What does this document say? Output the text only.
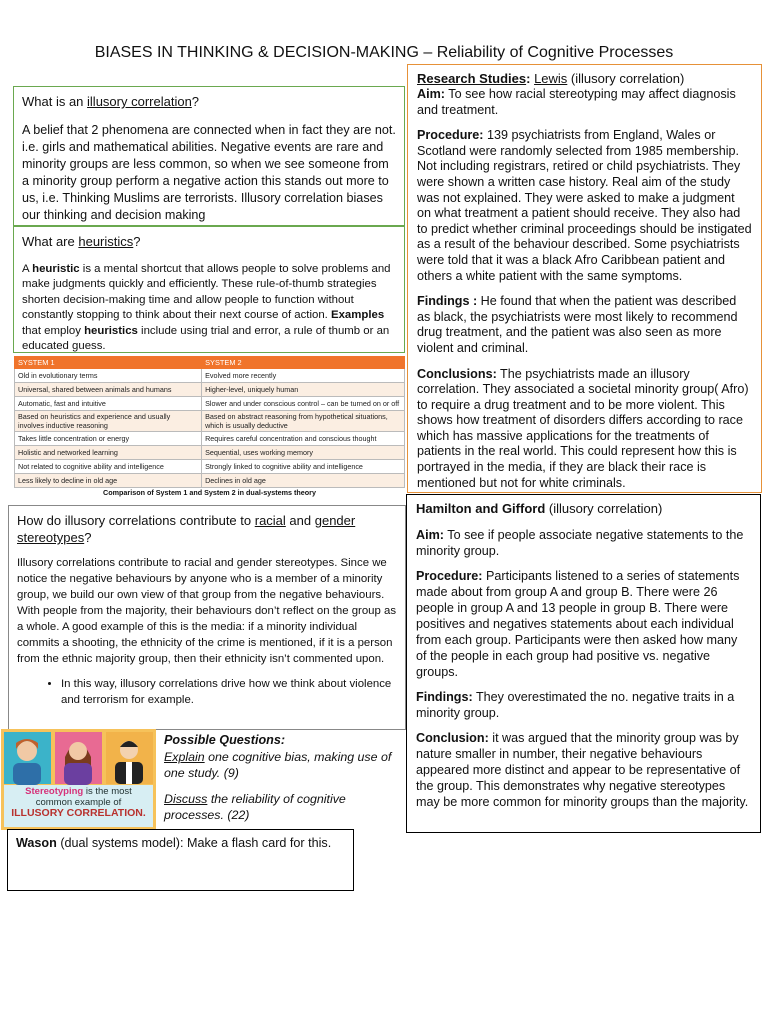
BIASES IN THINKING & DECISION-MAKING – Reliability of Cognitive Processes

What is an illusory correlation?

A belief that 2 phenomena are connected when in fact they are not. i.e. girls and mathematical abilities. Negative events are rare and minority groups are less common, so when we see someone from a minority group perform a negative action this stands out more to us, i.e. Thinking Muslims are terrorists. Illusory correlation biases our thinking and decision making

What are heuristics?

A heuristic is a mental shortcut that allows people to solve problems and make judgments quickly and efficiently. These rule-of-thumb strategies shorten decision-making time and allow people to function without constantly stopping to think about their next course of action. Examples that employ heuristics include using trial and error, a rule of thumb or an educated guess.

SYSTEM 1	SYSTEM 2
Old in evolutionary terms	Evolved more recently
Universal, shared between animals and humans	Higher-level, uniquely human
Automatic, fast and intuitive	Slower and under conscious control – can be turned on or off
Based on heuristics and experience and usually involves inductive reasoning	Based on abstract reasoning from hypothetical situations, which is usually deductive
Takes little concentration or energy	Requires careful concentration and conscious thought
Holistic and networked learning	Sequential, uses working memory
Not related to cognitive ability and intelligence	Strongly linked to cognitive ability and intelligence
Less likely to decline in old age	Declines in old age
Comparison of System 1 and System 2 in dual-systems theory

How do illusory correlations contribute to racial and gender stereotypes?

Illusory correlations contribute to racial and gender stereotypes. Since we notice the negative behaviours by anyone who is a member of a minority group, we build our own view of that group from the negative behaviours. With people from the majority, their behaviours don’t reflect on the group as a whole. A good example of this is the media: if a minority individual commits a shooting, the ethnicity of the crime is mentioned, if it is a person from the ethnic majority group, then their ethnicity isn’t commented upon.

• In this way, illusory correlations drive how we think about violence and terrorism for example.
Stereotyping is the most
common example of
ILLUSORY CORRELATION.

Possible Questions:

Explain one cognitive bias, making use of one study. (9)

Discuss the reliability of cognitive processes. (22)

Wason (dual systems model): Make a flash card for this.

Research Studies: Lewis (illusory correlation)

Aim: To see how racial stereotyping may affect diagnosis and treatment.

Procedure: 139 psychiatrists from England, Wales or Scotland were randomly selected from 1985 membership. Not including registrars, retired or child psychiatrists. They were shown a written case history. Real aim of the study was not explained. They were asked to make a judgment on what treatment a patient should receive. They also had to predict whether criminal proceedings should be instigated as a result of the behaviour described. Some psychiatrists were told that it was a black Afro Caribbean patient and others a white patient with the same symptoms.

Findings : He found that when the patient was described as black, the psychiatrists were most likely to recommend drug treatment, and the patient was also seen as more violent and criminal.

Conclusions: The psychiatrists made an illusory correlation. They associated a societal minority group( Afro) to require a drug treatment and to be more violent. This shows how treatment of disorders differs according to race which has massive applications for the treatments of patients in the real world. This could represent how this is portrayed in the media, if they are black their race is mentioned but not for white criminals.

Hamilton and Gifford (illusory correlation)

Aim: To see if people associate negative statements to the minority group.

Procedure: Participants listened to a series of statements made about from group A and group B. There were 26 people in group A and 13 people in group B. There were positives and negatives statements about each individual from each group. Participants were then asked how many of the people in each group had positive vs. negative groups.

Findings: They overestimated the no. negative traits in a minority group.

Conclusion: it was argued that the minority group was by nature smaller in number, their negative behaviours appeared more distinct and appear to be representative of the group. This demonstrates why negative stereotypes may be more common for minority groups than the majority.
